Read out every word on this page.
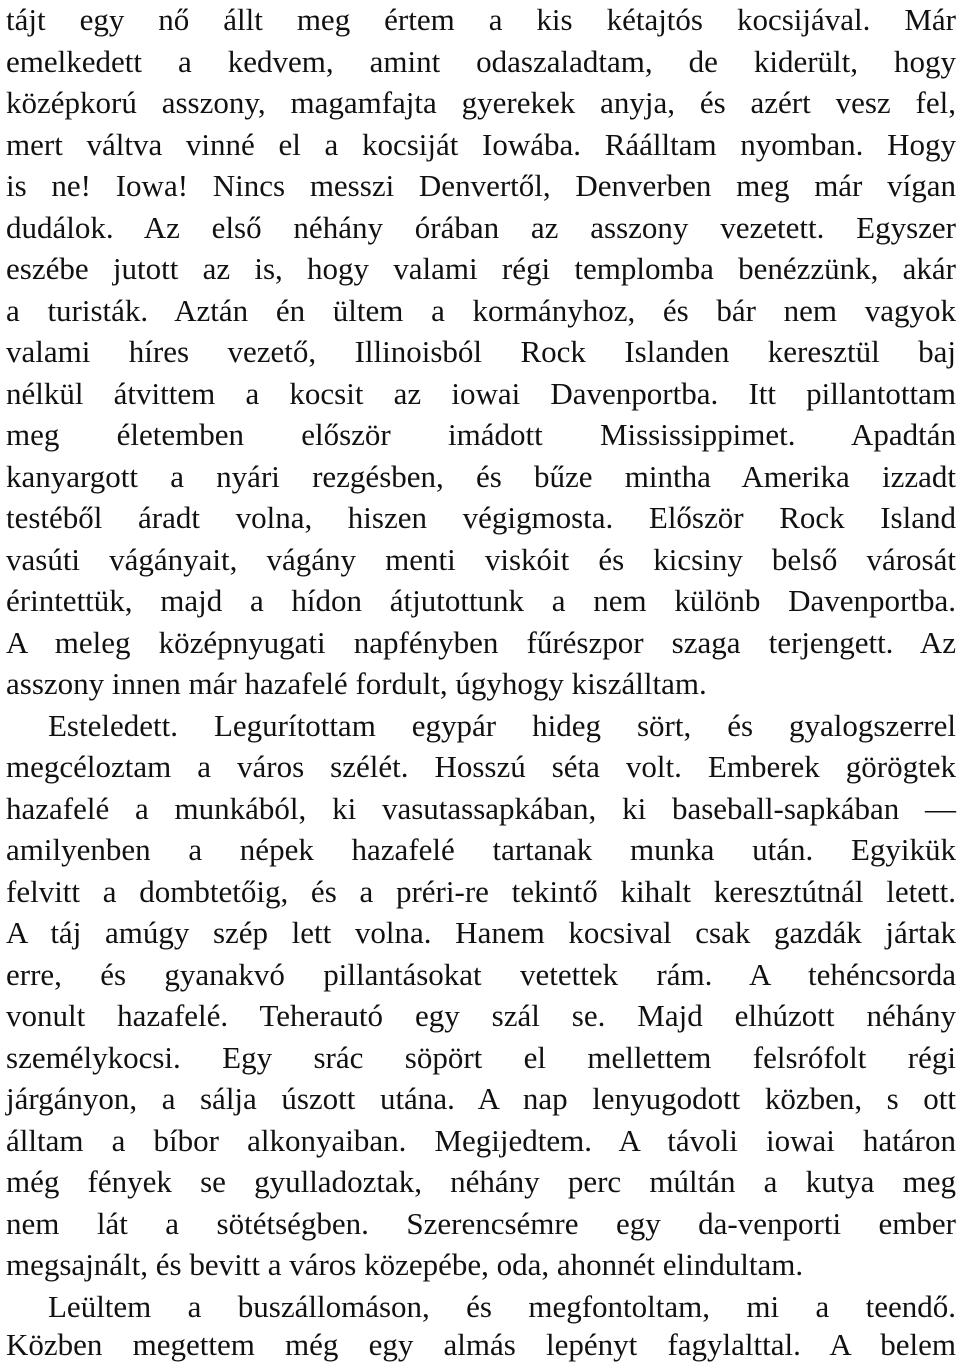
tájt egy nő állt meg értem a kis kétajtós kocsijával. Már
emelkedett a kedvem, amint odaszaladtam, de kiderült, hogy
középkorú asszony, magamfajta gyerekek anyja, és azért vesz fel,
mert váltva vinné el a kocsiját Iowába. Ráálltam nyomban. Hogy
is ne! Iowa! Nincs messzi Denvertől, Denverben meg már vígan
dudálok. Az első néhány órában az asszony vezetett. Egyszer
eszébe jutott az is, hogy valami régi templomba benézzünk, akár
a turisták. Aztán én ültem a kormányhoz, és bár nem vagyok
valami híres vezető, Illinoisból Rock Islanden keresztül baj
nélkül átvittem a kocsit az iowai Davenportba. Itt pillantottam
meg életemben először imádott Mississippimet. Apadtán
kanyargott a nyári rezgésben, és bűze mintha Amerika izzadt
testéből áradt volna, hiszen végigmosta. Először Rock Island
vasúti vágányait, vágány menti viskóit és kicsiny belső városát
érintettük, majd a hídon átjutottunk a nem különb Davenportba.
A meleg középnyugati napfényben fűrészpor szaga terjengett. Az
asszony innen már hazafelé fordult, úgyhogy kiszálltam.
Esteledett. Legurítottam egypár hideg sört, és gyalogszerrel
megcéloztam a város szélét. Hosszú séta volt. Emberek görögtek
hazafelé a munkából, ki vasutassapkában, ki baseball-sapkában —
amilyenben a népek hazafelé tartanak munka után. Egyikük
felvitt a dombtetőig, és a préri-re tekintő kihalt keresztútnál letett.
A táj amúgy szép lett volna. Hanem kocsival csak gazdák jártak
erre, és gyanakvó pillantásokat vetettek rám. A tehéncsorda
vonult hazafelé. Teherautó egy szál se. Majd elhúzott néhány
személykocsi. Egy srác söpört el mellettem felsrófolt régi
járgányon, a sálja úszott utána. A nap lenyugodott közben, s ott
álltam a bíbor alkonyaiban. Megijedtem. A távoli iowai határon
még fények se gyulladoztak, néhány perc múltán a kutya meg
nem lát a sötétségben. Szerencsémre egy da-venporti ember
megsajnált, és bevitt a város közepébe, oda, ahonnét elindultam.
Leültem a buszállomáson, és megfontoltam, mi a teendő.
Közben megettem még egy almás lepényt fagylalttal. A belem
